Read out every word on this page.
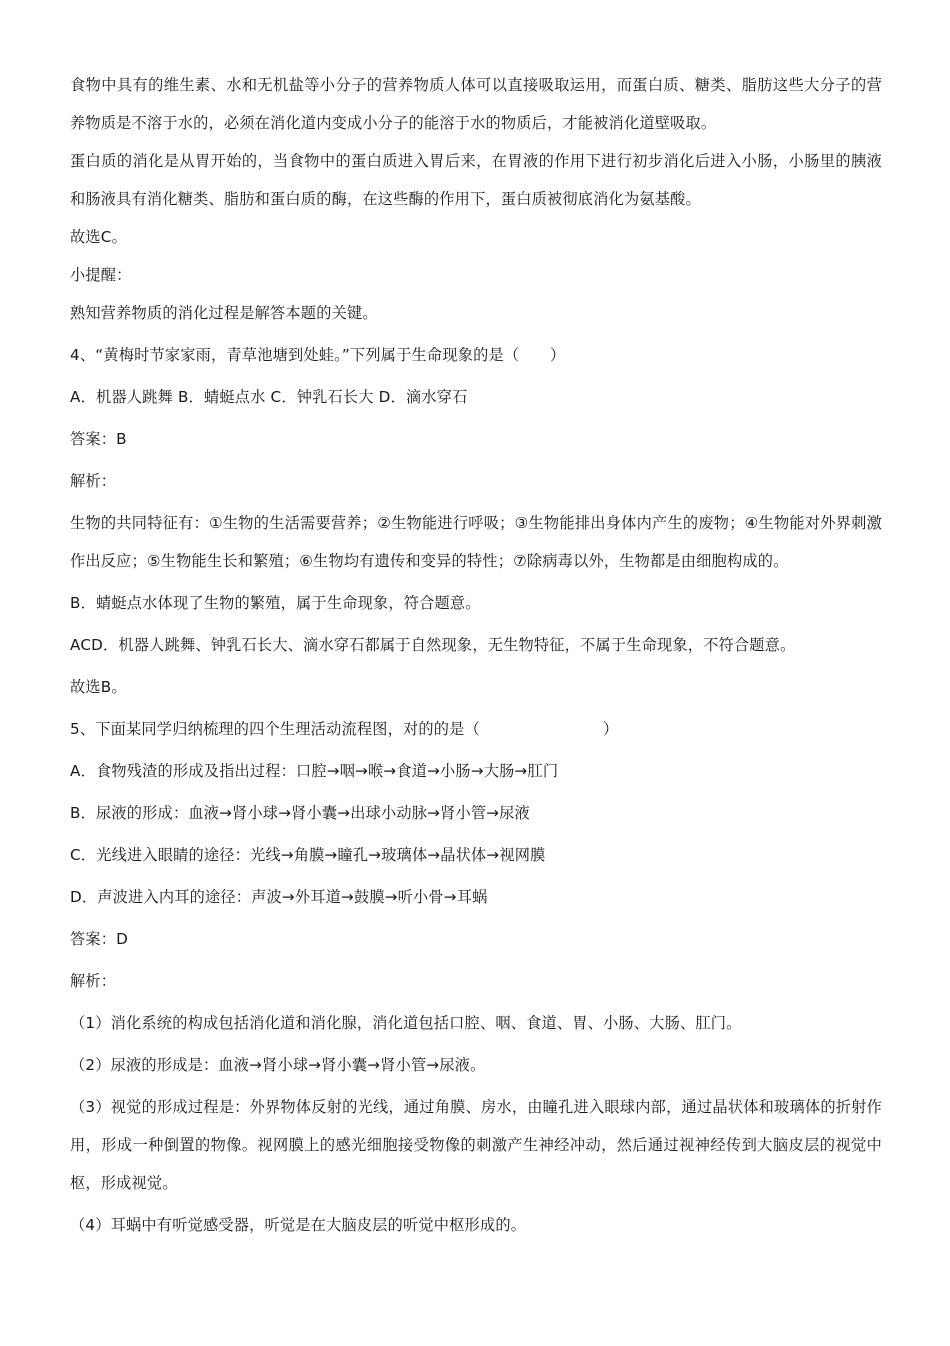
食物中具有的维生素、水和无机盐等小分子的营养物质人体可以直接吸取运用，而蛋白质、糖类、脂肪这些大分子的营养物质是不溶于水的，必须在消化道内变成小分子的能溶于水的物质后，才能被消化道壁吸取。

蛋白质的消化是从胃开始的，当食物中的蛋白质进入胃后来，在胃液的作用下进行初步消化后进入小肠，小肠里的胰液和肠液具有消化糖类、脂肪和蛋白质的酶，在这些酶的作用下，蛋白质被彻底消化为氨基酸。

故选C。

小提醒：

熟知营养物质的消化过程是解答本题的关键。

4、“黄梅时节家家雨，青草池塘到处蛙。”下列属于生命现象的是（　　）

A．机器人跳舞 B．蜻蜓点水 C．钟乳石长大 D．滴水穿石

答案：B

解析：

生物的共同特征有：①生物的生活需要营养；②生物能进行呼吸；③生物能排出身体内产生的废物；④生物能对外界刺激作出反应；⑤生物能生长和繁殖；⑥生物均有遗传和变异的特性；⑦除病毒以外，生物都是由细胞构成的。

B．蜻蜓点水体现了生物的繁殖，属于生命现象，符合题意。

ACD．机器人跳舞、钟乳石长大、滴水穿石都属于自然现象，无生物特征，不属于生命现象，不符合题意。

故选B。

5、下面某同学归纳梳理的四个生理活动流程图，对的的是（　　　　　　　　）

A．食物残渣的形成及指出过程：口腔→咽→喉→食道→小肠→大肠→肛门

B．尿液的形成：血液→肾小球→肾小囊→出球小动脉→肾小管→尿液

C．光线进入眼睛的途径：光线→角膜→瞳孔→玻璃体→晶状体→视网膜

D．声波进入内耳的途径：声波→外耳道→鼓膜→听小骨→耳蜗

答案：D

解析：

（1）消化系统的构成包括消化道和消化腺，消化道包括口腔、咽、食道、胃、小肠、大肠、肛门。

（2）尿液的形成是：血液→肾小球→肾小囊→肾小管→尿液。

（3）视觉的形成过程是：外界物体反射的光线，通过角膜、房水，由瞳孔进入眼球内部，通过晶状体和玻璃体的折射作用，形成一种倒置的物像。视网膜上的感光细胞接受物像的刺激产生神经冲动，然后通过视神经传到大脑皮层的视觉中枢，形成视觉。

（4）耳蜗中有听觉感受器，听觉是在大脑皮层的听觉中枢形成的。
